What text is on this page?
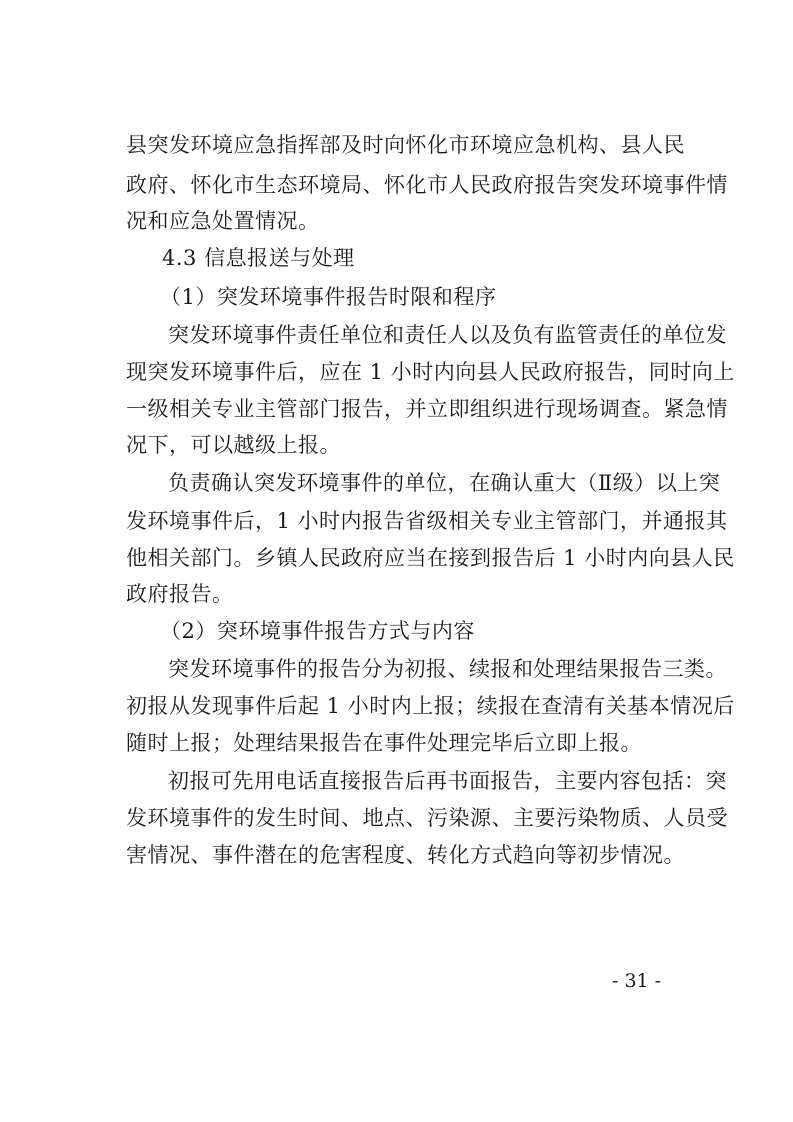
县突发环境应急指挥部及时向怀化市环境应急机构、县人民
政府、怀化市生态环境局、怀化市人民政府报告突发环境事件情
况和应急处置情况。
4.3 信息报送与处理
（1）突发环境事件报告时限和程序
突发环境事件责任单位和责任人以及负有监管责任的单位发
现突发环境事件后，应在 1 小时内向县人民政府报告，同时向上
一级相关专业主管部门报告，并立即组织进行现场调查。紧急情
况下，可以越级上报。
负责确认突发环境事件的单位，在确认重大（Ⅱ级）以上突
发环境事件后，1 小时内报告省级相关专业主管部门，并通报其
他相关部门。乡镇人民政府应当在接到报告后 1 小时内向县人民
政府报告。
（2）突环境事件报告方式与内容
突发环境事件的报告分为初报、续报和处理结果报告三类。
初报从发现事件后起 1 小时内上报；续报在查清有关基本情况后
随时上报；处理结果报告在事件处理完毕后立即上报。
初报可先用电话直接报告后再书面报告，主要内容包括：突
发环境事件的发生时间、地点、污染源、主要污染物质、人员受
害情况、事件潜在的危害程度、转化方式趋向等初步情况。
- 31 -
